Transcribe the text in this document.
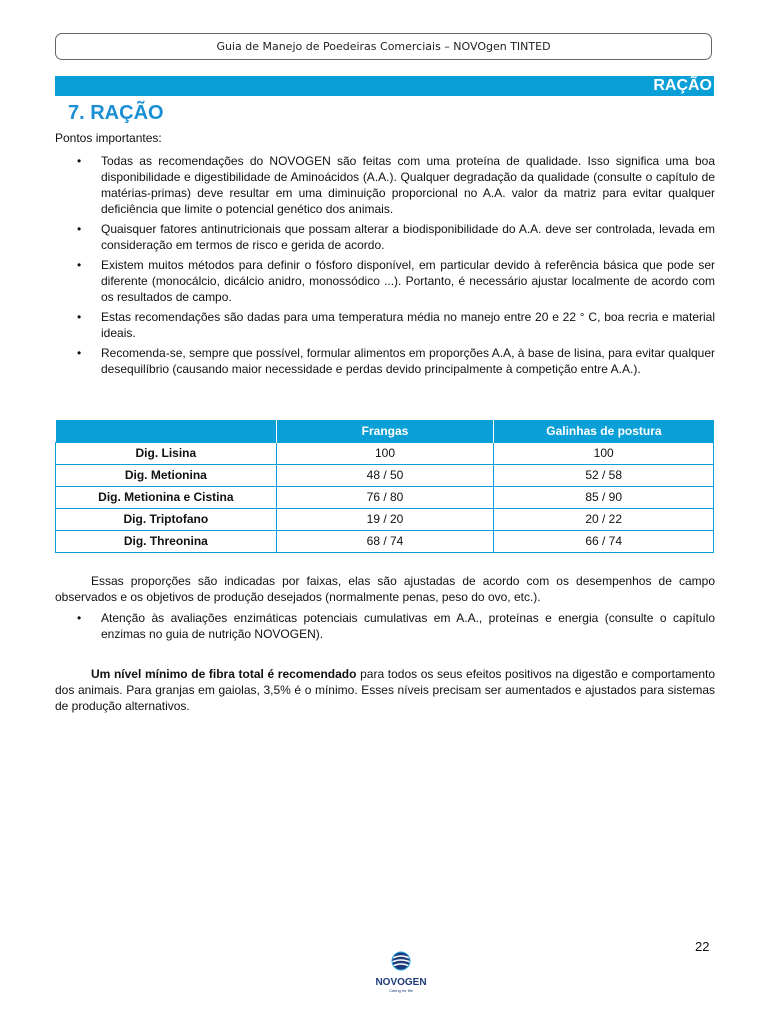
Guia de Manejo de Poedeiras Comerciais – NOVOgen TINTED
RAÇÃO
7. RAÇÃO
Pontos importantes:
• Todas as recomendações do NOVOGEN são feitas com uma proteína de qualidade. Isso significa uma boa disponibilidade e digestibilidade de Aminoácidos (A.A.). Qualquer degradação da qualidade (consulte o capítulo de matérias-primas) deve resultar em uma diminuição proporcional no A.A. valor da matriz para evitar qualquer deficiência que limite o potencial genético dos animais.
• Quaisquer fatores antinutricionais que possam alterar a biodisponibilidade do A.A. deve ser controlada, levada em consideração em termos de risco e gerida de acordo.
• Existem muitos métodos para definir o fósforo disponível, em particular devido à referência básica que pode ser diferente (monocálcio, dicálcio anidro, monossódico ...). Portanto, é necessário ajustar localmente de acordo com os resultados de campo.
• Estas recomendações são dadas para uma temperatura média no manejo entre 20 e 22 ° C, boa recria e material ideais.
• Recomenda-se, sempre que possível, formular alimentos em proporções A.A, à base de lisina, para evitar qualquer desequilíbrio (causando maior necessidade e perdas devido principalmente à competição entre A.A.).
	Frangas	Galinhas de postura
Dig. Lisina	100	100
Dig. Metionina	48 / 50	52 / 58
Dig. Metionina e Cistina	76 / 80	85 / 90
Dig. Triptofano	19 / 20	20 / 22
Dig. Threonina	68 / 74	66 / 74

Essas proporções são indicadas por faixas, elas são ajustadas de acordo com os desempenhos de campo observados e os objetivos de produção desejados (normalmente penas, peso do ovo, etc.).

• Atenção às avaliações enzimáticas potenciais cumulativas em A.A., proteínas e energia (consulte o capítulo enzimas no guia de nutrição NOVOGEN).

Um nível mínimo de fibra total é recomendado para todos os seus efeitos positivos na digestão e comportamento dos animais. Para granjas em gaiolas, 3,5% é o mínimo. Esses níveis precisam ser aumentados e ajustados para sistemas de produção alternativos.

22
NOVOGEN
Caring for life
